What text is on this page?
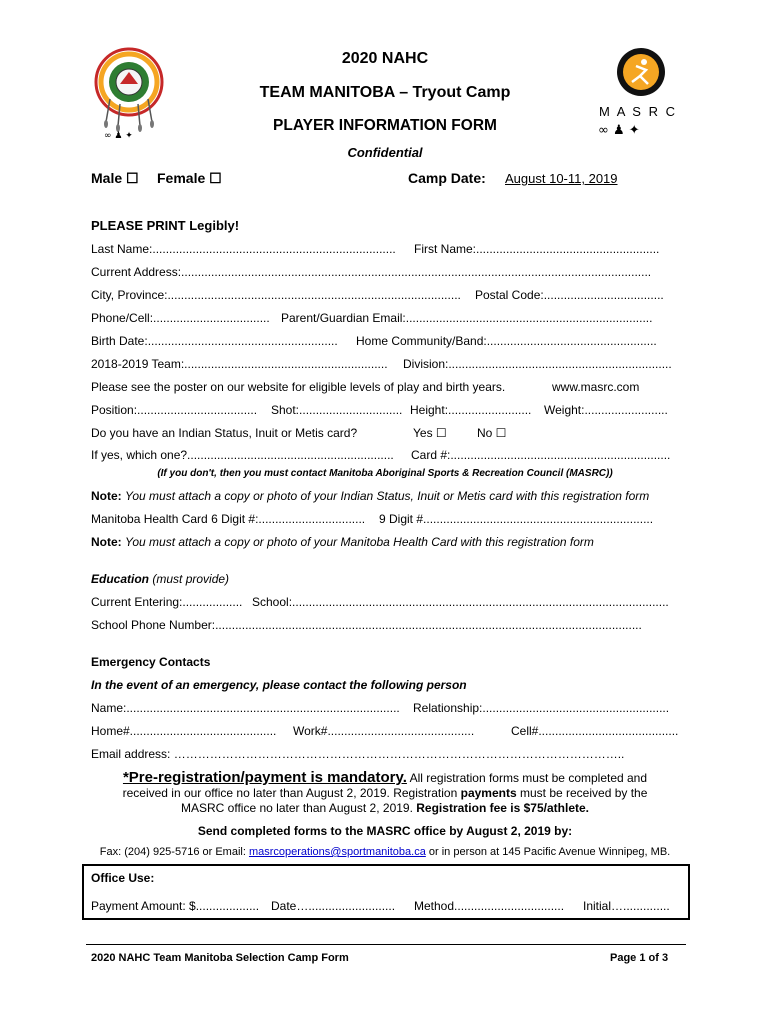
∞ ♟ ✦
M A S R C
∞ ♟ ✦
2020 NAHC
TEAM MANITOBA – Tryout Camp
PLAYER INFORMATION FORM
Confidential
Male ☐ Female ☐	Camp Date: August 10-11, 2019
PLEASE PRINT Legibly!
Last Name:......................................................................... First Name:.......................................................
Current Address:.............................................................................................................................................
City, Province:........................................................................................ Postal Code:....................................
Phone/Cell:................................... Parent/Guardian Email:..........................................................................
Birth Date:......................................................... Home Community/Band:...................................................
2018-2019 Team:............................................................. Division:...................................................................
Please see the poster on our website for eligible levels of play and birth years.	www.masrc.com
Position:.................................... Shot:............................... Height:......................... Weight:.........................
Do you have an Indian Status, Inuit or Metis card?	Yes ☐	No ☐
If yes, which one?.............................................................. Card #:..................................................................
(If you don't, then you must contact Manitoba Aboriginal Sports & Recreation Council (MASRC))
Note: You must attach a copy or photo of your Indian Status, Inuit or Metis card with this registration form
Manitoba Health Card 6 Digit #:................................ 9 Digit #.....................................................................
Note: You must attach a copy or photo of your Manitoba Health Card with this registration form
Education (must provide)
Current Entering:.................. School:.................................................................................................................
School Phone Number:................................................................................................................................
Emergency Contacts
In the event of an emergency, please contact the following person
Name:.................................................................................. Relationship:........................................................
Home#............................................ Work#............................................	Cell#..........................................
Email address: …………………………………………………………………………………………………..
*Pre-registration/payment is mandatory. All registration forms must be completed and
received in our office no later than August 2, 2019. Registration payments must be received by the
MASRC office no later than August 2, 2019. Registration fee is $75/athlete.
Send completed forms to the MASRC office by August 2, 2019 by:
Fax: (204) 925-5716 or Email: masrcoperations@sportmanitoba.ca or in person at 145 Pacific Avenue Winnipeg, MB.
Office Use:
Payment Amount: $................... Date….......................... Method................................. Initial…..............
2020 NAHC Team Manitoba Selection Camp Form	Page 1 of 3
